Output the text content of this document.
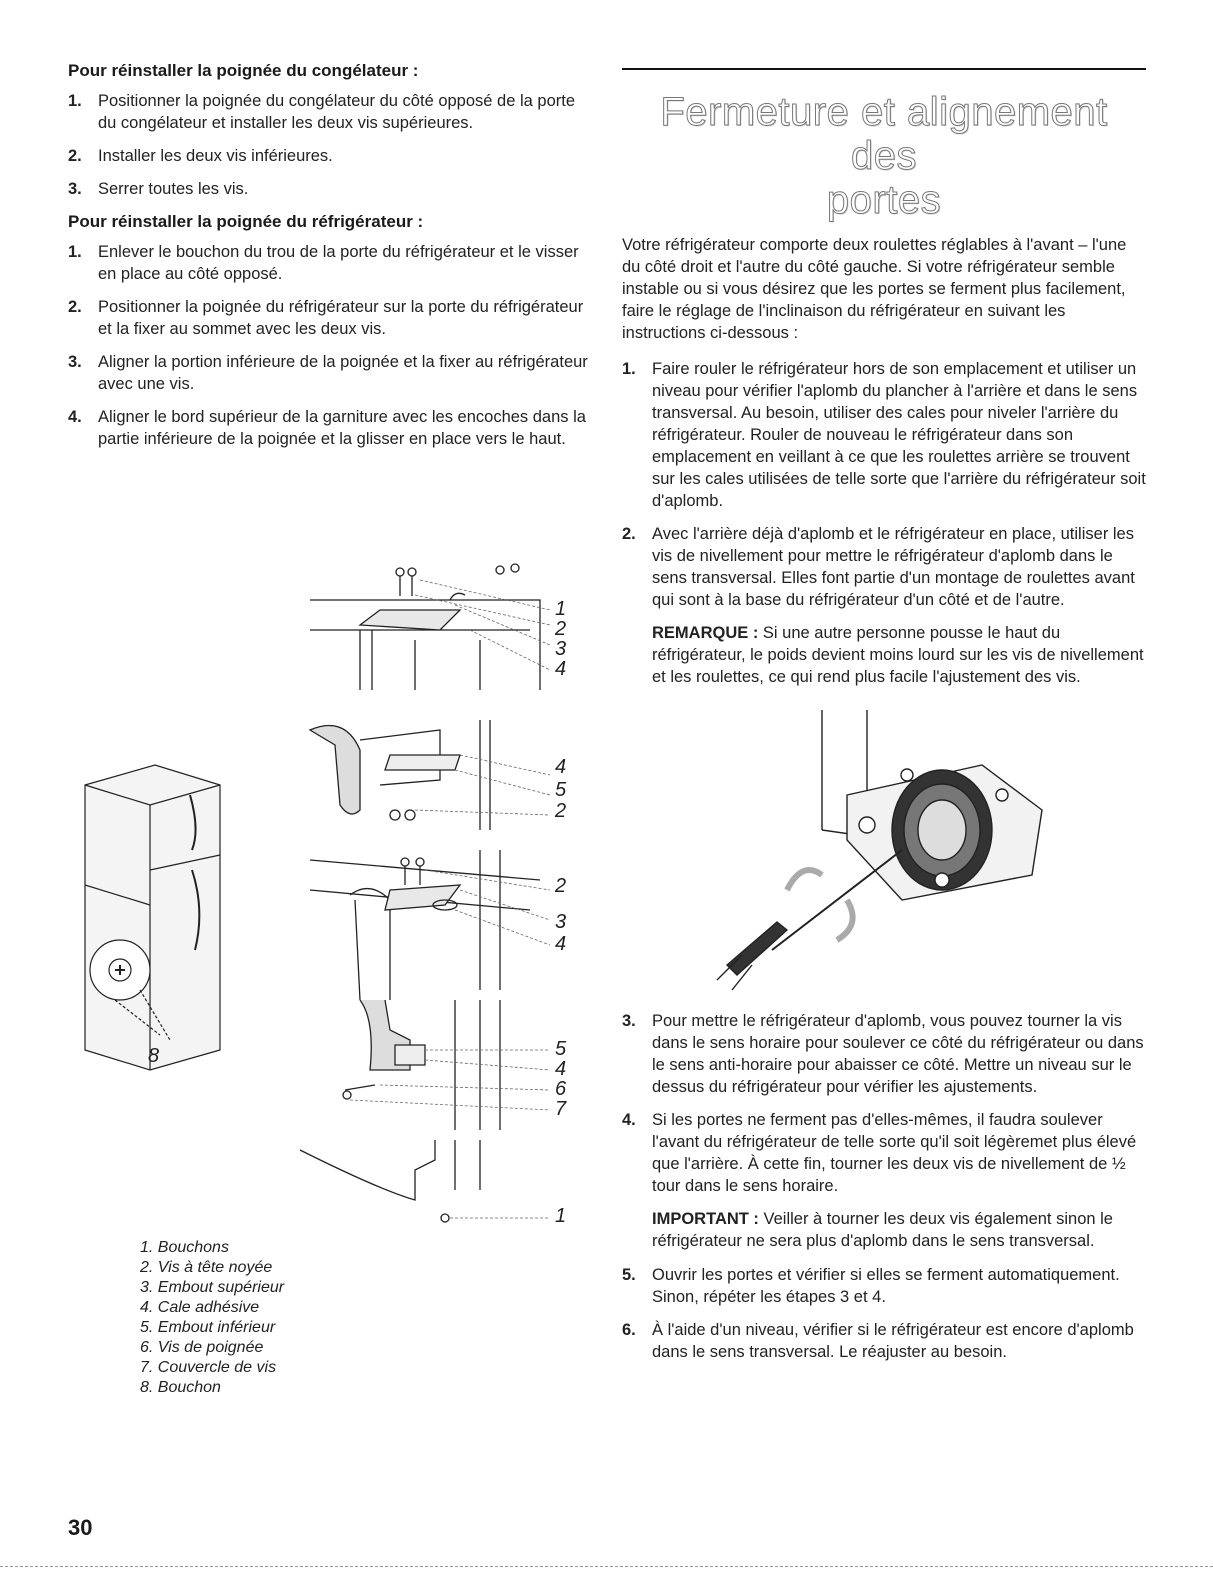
Pour réinstaller la poignée du congélateur :
1. Positionner la poignée du congélateur du côté opposé de la porte du congélateur et installer les deux vis supérieures.
2. Installer les deux vis inférieures.
3. Serrer toutes les vis.
Pour réinstaller la poignée du réfrigérateur :
1. Enlever le bouchon du trou de la porte du réfrigérateur et le visser en place au côté opposé.
2. Positionner la poignée du réfrigérateur sur la porte du réfrigérateur et la fixer au sommet avec les deux vis.
3. Aligner la portion inférieure de la poignée et la fixer au réfrigérateur avec une vis.
4. Aligner le bord supérieur de la garniture avec les encoches dans la partie inférieure de la poignée et la glisser en place vers le haut.
1
2
3
4
4
5
2
2
3
4
5
4
6
7
1
8
1. Bouchons
2. Vis à tête noyée
3. Embout supérieur
4. Cale adhésive
5. Embout inférieur
6. Vis de poignée
7. Couvercle de vis
8. Bouchon
Fermeture et alignement des
portes

Votre réfrigérateur comporte deux roulettes réglables à l'avant – l'une du côté droit et l'autre du côté gauche. Si votre réfrigérateur semble instable ou si vous désirez que les portes se ferment plus facilement, faire le réglage de l'inclinaison du réfrigérateur en suivant les instructions ci-dessous :

1. Faire rouler le réfrigérateur hors de son emplacement et utiliser un niveau pour vérifier l'aplomb du plancher à l'arrière et dans le sens transversal. Au besoin, utiliser des cales pour niveler l'arrière du réfrigérateur. Rouler de nouveau le réfrigérateur dans son emplacement en veillant à ce que les roulettes arrière se trouvent sur les cales utilisées de telle sorte que l'arrière du réfrigérateur soit d'aplomb.
2. Avec l'arrière déjà d'aplomb et le réfrigérateur en place, utiliser les vis de nivellement pour mettre le réfrigérateur d'aplomb dans le sens transversal. Elles font partie d'un montage de roulettes avant qui sont à la base du réfrigérateur d'un côté et de l'autre.
REMARQUE : Si une autre personne pousse le haut du réfrigérateur, le poids devient moins lourd sur les vis de nivellement et les roulettes, ce qui rend plus facile l'ajustement des vis.
3. Pour mettre le réfrigérateur d'aplomb, vous pouvez tourner la vis dans le sens horaire pour soulever ce côté du réfrigérateur ou dans le sens anti-horaire pour abaisser ce côté. Mettre un niveau sur le dessus du réfrigérateur pour vérifier les ajustements.
4. Si les portes ne ferment pas d'elles-mêmes, il faudra soulever l'avant du réfrigérateur de telle sorte qu'il soit légèremet plus élevé que l'arrière. À cette fin, tourner les deux vis de nivellement de ½ tour dans le sens horaire.
IMPORTANT : Veiller à tourner les deux vis également sinon le réfrigérateur ne sera plus d'aplomb dans le sens transversal.
5. Ouvrir les portes et vérifier si elles se ferment automatiquement. Sinon, répéter les étapes 3 et 4.
6. À l'aide d'un niveau, vérifier si le réfrigérateur est encore d'aplomb dans le sens transversal. Le réajuster au besoin.
30
